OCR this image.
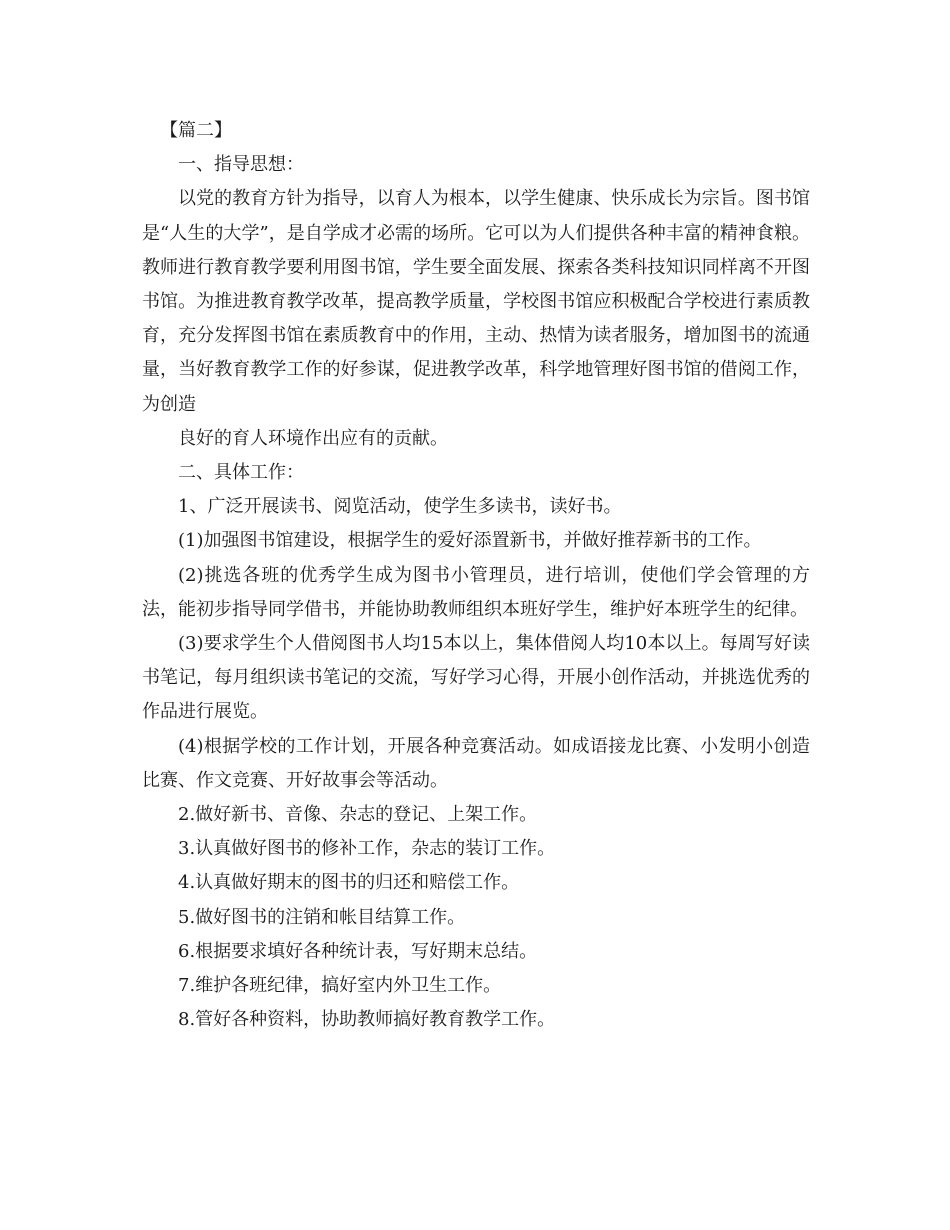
【篇二】

一、指导思想：

以党的教育方针为指导，以育人为根本，以学生健康、快乐成长为宗旨。图书馆是“人生的大学”，是自学成才必需的场所。它可以为人们提供各种丰富的精神食粮。教师进行教育教学要利用图书馆，学生要全面发展、探索各类科技知识同样离不开图书馆。为推进教育教学改革，提高教学质量，学校图书馆应积极配合学校进行素质教育，充分发挥图书馆在素质教育中的作用，主动、热情为读者服务，增加图书的流通量，当好教育教学工作的好参谋，促进教学改革，科学地管理好图书馆的借阅工作，为创造

良好的育人环境作出应有的贡献。

二、具体工作：

1、广泛开展读书、阅览活动，使学生多读书，读好书。

(1)加强图书馆建设，根据学生的爱好添置新书，并做好推荐新书的工作。

(2)挑选各班的优秀学生成为图书小管理员，进行培训，使他们学会管理的方法，能初步指导同学借书，并能协助教师组织本班好学生，维护好本班学生的纪律。

(3)要求学生个人借阅图书人均15本以上，集体借阅人均10本以上。每周写好读书笔记，每月组织读书笔记的交流，写好学习心得，开展小创作活动，并挑选优秀的作品进行展览。

(4)根据学校的工作计划，开展各种竞赛活动。如成语接龙比赛、小发明小创造比赛、作文竞赛、开好故事会等活动。

2.做好新书、音像、杂志的登记、上架工作。

3.认真做好图书的修补工作，杂志的装订工作。

4.认真做好期末的图书的归还和赔偿工作。

5.做好图书的注销和帐目结算工作。

6.根据要求填好各种统计表，写好期末总结。

7.维护各班纪律，搞好室内外卫生工作。

8.管好各种资料，协助教师搞好教育教学工作。
